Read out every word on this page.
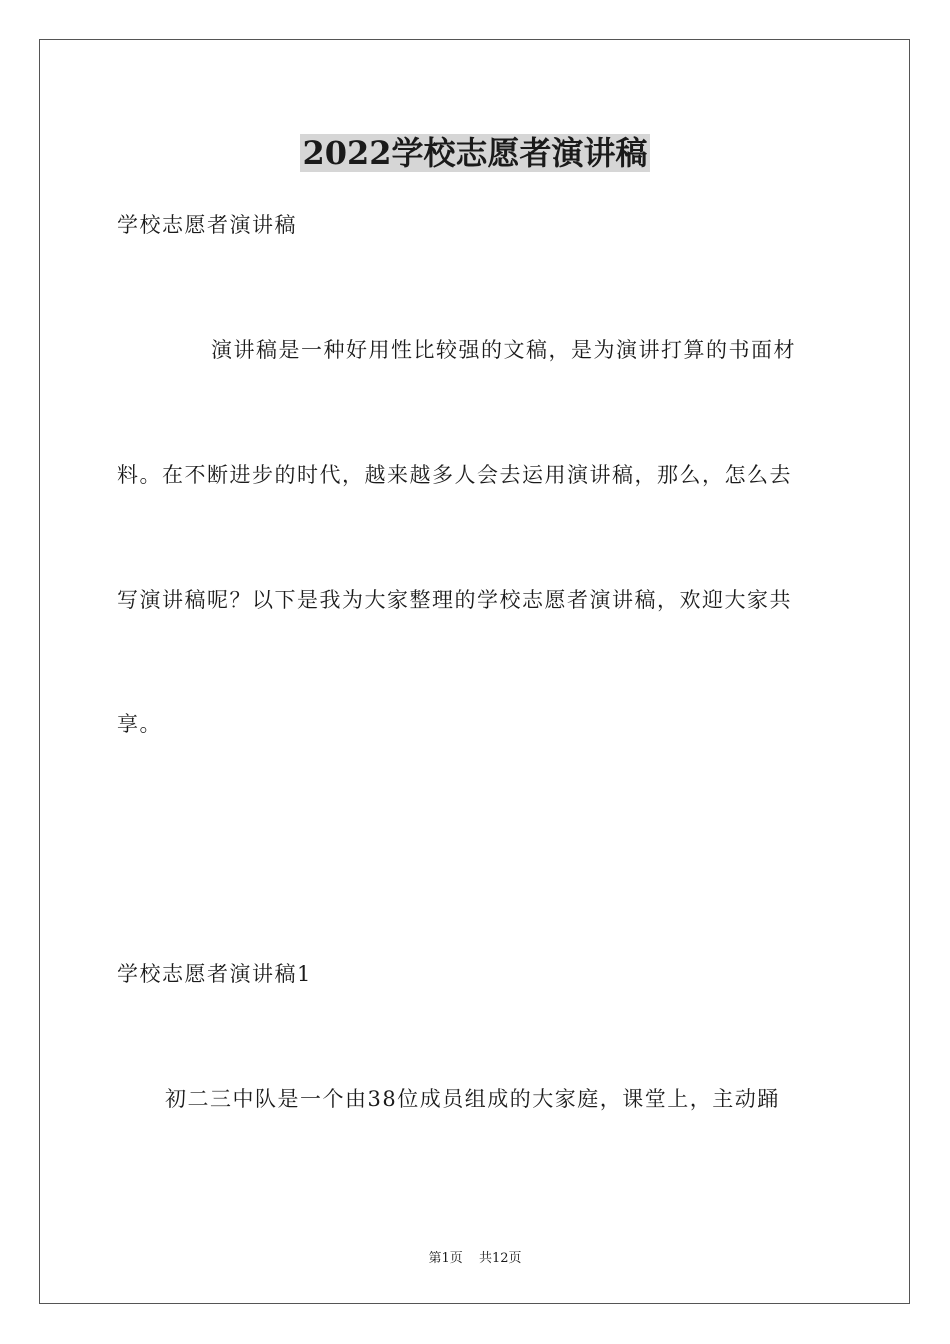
2022学校志愿者演讲稿
学校志愿者演讲稿
演讲稿是一种好用性比较强的文稿，是为演讲打算的书面材
料。在不断进步的时代，越来越多人会去运用演讲稿，那么，怎么去
写演讲稿呢？以下是我为大家整理的学校志愿者演讲稿，欢迎大家共
享。
学校志愿者演讲稿1
初二三中队是一个由38位成员组成的大家庭，课堂上，主动踊
第1页 共12页
